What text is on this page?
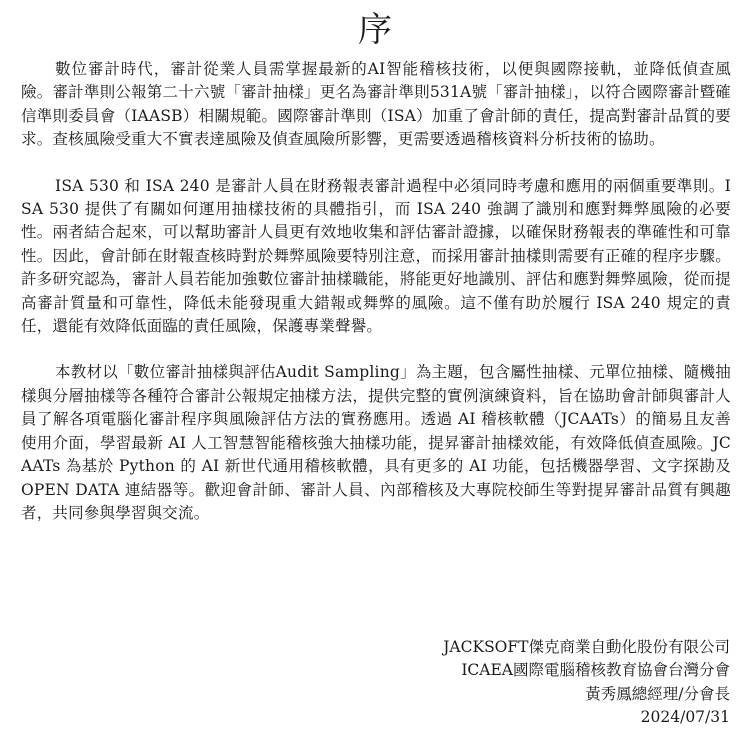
序

數位審計時代，審計從業人員需掌握最新的AI智能稽核技術，以便與國際接軌，並降低偵查風險。審計準則公報第二十六號「審計抽樣」更名為審計準則531A號「審計抽樣」，以符合國際審計暨確信準則委員會（IAASB）相關規範。國際審計準則（ISA）加重了會計師的責任，提高對審計品質的要求。查核風險受重大不實表達風險及偵查風險所影響，更需要透過稽核資料分析技術的協助。

ISA 530 和 ISA 240 是審計人員在財務報表審計過程中必須同時考慮和應用的兩個重要準則。ISA 530 提供了有關如何運用抽樣技術的具體指引，而 ISA 240 強調了識別和應對舞弊風險的必要性。兩者結合起來，可以幫助審計人員更有效地收集和評估審計證據，以確保財務報表的準確性和可靠性。因此，會計師在財報查核時對於舞弊風險要特別注意，而採用審計抽樣則需要有正確的程序步驟。許多研究認為，審計人員若能加強數位審計抽樣職能，將能更好地識別、評估和應對舞弊風險，從而提高審計質量和可靠性，降低未能發現重大錯報或舞弊的風險。這不僅有助於履行 ISA 240 規定的責任，還能有效降低面臨的責任風險，保護專業聲譽。

本教材以「數位審計抽樣與評估Audit Sampling」為主題，包含屬性抽樣、元單位抽樣、隨機抽樣與分層抽樣等各種符合審計公報規定抽樣方法，提供完整的實例演練資料，旨在協助會計師與審計人員了解各項電腦化審計程序與風險評估方法的實務應用。透過 AI 稽核軟體（JCAATs）的簡易且友善使用介面，學習最新 AI 人工智慧智能稽核強大抽樣功能，提昇審計抽樣效能，有效降低偵查風險。JCAATs 為基於 Python 的 AI 新世代通用稽核軟體，具有更多的 AI 功能，包括機器學習、文字探勘及 OPEN DATA 連結器等。歡迎會計師、審計人員、內部稽核及大專院校師生等對提昇審計品質有興趣者，共同參與學習與交流。

JACKSOFT傑克商業自動化股份有限公司
ICAEA國際電腦稽核教育協會台灣分會
黃秀鳳總經理/分會長
2024/07/31
